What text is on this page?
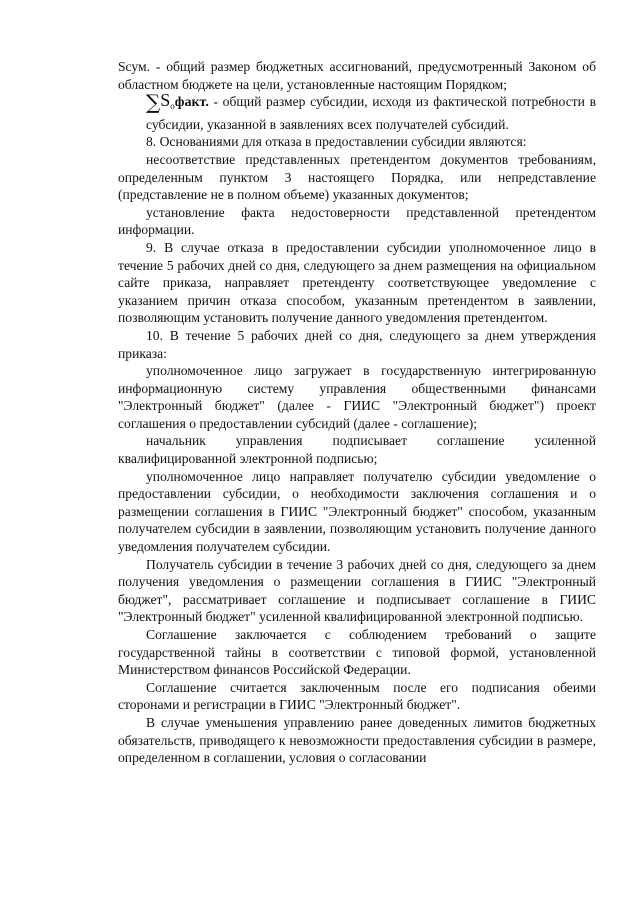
Sсум. - общий размер бюджетных ассигнований, предусмотренный Законом об областном бюджете на цели, установленные настоящим Порядком;

$\sum S_oфакт$. - общий размер субсидии, исходя из фактической потребности в субсидии, указанной в заявлениях всех получателей субсидий.

8. Основаниями для отказа в предоставлении субсидии являются:

несоответствие представленных претендентом документов требованиям, определенным пунктом 3 настоящего Порядка, или непредставление (представление не в полном объеме) указанных документов;

установление факта недостоверности представленной претендентом информации.

9. В случае отказа в предоставлении субсидии уполномоченное лицо в течение 5 рабочих дней со дня, следующего за днем размещения на официальном сайте приказа, направляет претенденту соответствующее уведомление с указанием причин отказа способом, указанным претендентом в заявлении, позволяющим установить получение данного уведомления претендентом.

10. В течение 5 рабочих дней со дня, следующего за днем утверждения приказа:

уполномоченное лицо загружает в государственную интегрированную информационную систему управления общественными финансами "Электронный бюджет" (далее - ГИИС "Электронный бюджет") проект соглашения о предоставлении субсидий (далее - соглашение);

начальник управления подписывает соглашение усиленной квалифицированной электронной подписью;

уполномоченное лицо направляет получателю субсидии уведомление о предоставлении субсидии, о необходимости заключения соглашения и о размещении соглашения в ГИИС "Электронный бюджет" способом, указанным получателем субсидии в заявлении, позволяющим установить получение данного уведомления получателем субсидии.

Получатель субсидии в течение 3 рабочих дней со дня, следующего за днем получения уведомления о размещении соглашения в ГИИС "Электронный бюджет", рассматривает соглашение и подписывает соглашение в ГИИС "Электронный бюджет" усиленной квалифицированной электронной подписью.

Соглашение заключается с соблюдением требований о защите государственной тайны в соответствии с типовой формой, установленной Министерством финансов Российской Федерации.

Соглашение считается заключенным после его подписания обеими сторонами и регистрации в ГИИС "Электронный бюджет".

В случае уменьшения управлению ранее доведенных лимитов бюджетных обязательств, приводящего к невозможности предоставления субсидии в размере, определенном в соглашении, условия о согласовании
